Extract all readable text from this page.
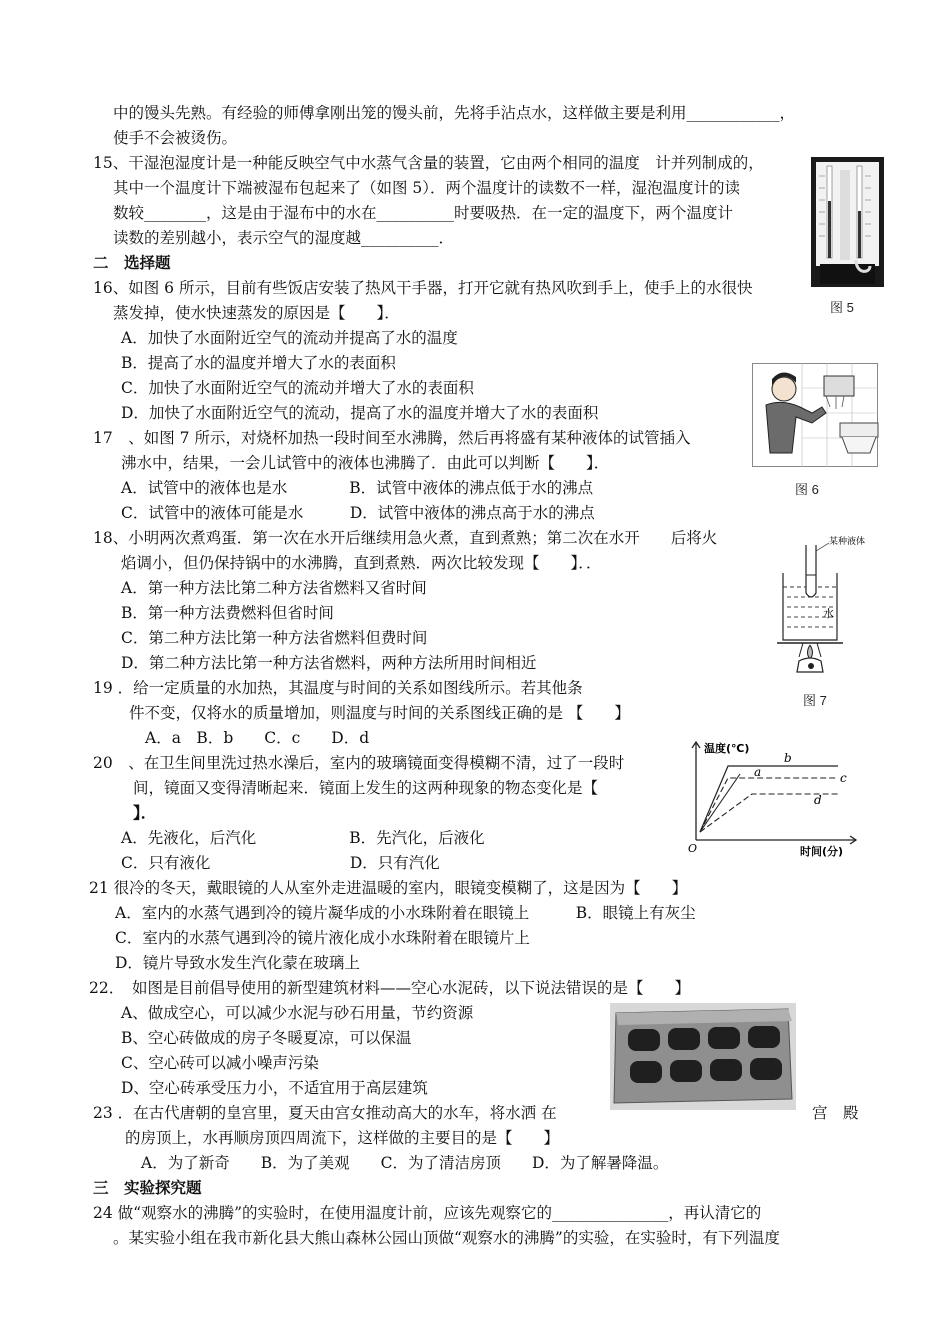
中的馒头先熟。有经验的师傅拿刚出笼的馒头前，先将手沾点水，这样做主要是利用____________，
使手不会被烫伤。
15、干湿泡湿度计是一种能反映空气中水蒸气含量的装置，它由两个相同的温度　计并列制成的，
其中一个温度计下端被湿布包起来了（如图 5）．两个温度计的读数不一样，湿泡温度计的读
数较________，这是由于湿布中的水在__________时要吸热．在一定的温度下，两个温度计
读数的差别越小，表示空气的湿度越__________．
二　选择题
16、如图 6 所示，目前有些饭店安装了热风干手器，打开它就有热风吹到手上，使手上的水很快
蒸发掉，使水快速蒸发的原因是【　　】．
A．加快了水面附近空气的流动并提高了水的温度
B．提高了水的温度并增大了水的表面积
C．加快了水面附近空气的流动并增大了水的表面积
D．加快了水面附近空气的流动，提高了水的温度并增大了水的表面积
17　、如图 7 所示，对烧杯加热一段时间至水沸腾，然后再将盛有某种液体的试管插入
沸水中，结果，一会儿试管中的液体也沸腾了．由此可以判断【　　】．
A．试管中的液体也是水　　　　B．试管中液体的沸点低于水的沸点
C．试管中的液体可能是水　　　D．试管中液体的沸点高于水的沸点
18、小明两次煮鸡蛋．第一次在水开后继续用急火煮，直到煮熟；第二次在水开　　后将火
焰调小，但仍保持锅中的水沸腾，直到煮熟．两次比较发现【　　】．．
A．第一种方法比第二种方法省燃料又省时间
B．第一种方法费燃料但省时间
C．第二种方法比第一种方法省燃料但费时间
D．第二种方法比第一种方法省燃料，两种方法所用时间相近
19 ．给一定质量的水加热，其温度与时间的关系如图线所示。若其他条
件不变，仅将水的质量增加，则温度与时间的关系图线正确的是 【　　】
A．a　B．b　　C．c　　D．d
20　、在卫生间里洗过热水澡后，室内的玻璃镜面变得模糊不清，过了一段时
间，镜面又变得清晰起来．镜面上发生的这两种现象的物态变化是【
】．
A．先液化，后汽化　　　　　　B．先汽化，后液化
C．只有液化　　　　　　　　　D．只有汽化
21 很冷的冬天，戴眼镜的人从室外走进温暖的室内，眼镜变模糊了，这是因为【　　】
A．室内的水蒸气遇到冷的镜片凝华成的小水珠附着在眼镜上　　　B．眼镜上有灰尘
C．室内的水蒸气遇到冷的镜片液化成小水珠附着在眼镜片上
D．镜片导致水发生汽化蒙在玻璃上
22．　如图是目前倡导使用的新型建筑材料——空心水泥砖，以下说法错误的是【　　】
A、做成空心，可以减少水泥与砂石用量，节约资源
B、空心砖做成的房子冬暖夏凉，可以保温
C、空心砖可以减小噪声污染
D、空心砖承受压力小，不适宜用于高层建筑
23 ．在古代唐朝的皇宫里，夏天由宫女推动高大的水车，将水洒 在	宫　殿
的房顶上，水再顺房顶四周流下，这样做的主要目的是【　　】
A．为了新奇　　B．为了美观　　C．为了清洁房顶　　D．为了解暑降温。
三　实验探究题
24 做“观察水的沸腾”的实验时，在使用温度计前，应该先观察它的_______________，再认清它的
。某实验小组在我市新化县大熊山森林公园山顶做“观察水的沸腾”的实验，在实验时，有下列温度
图 5
图 6
某种液体
水
图 7
温度(℃)
时间(分)
O
b
a	c
d
